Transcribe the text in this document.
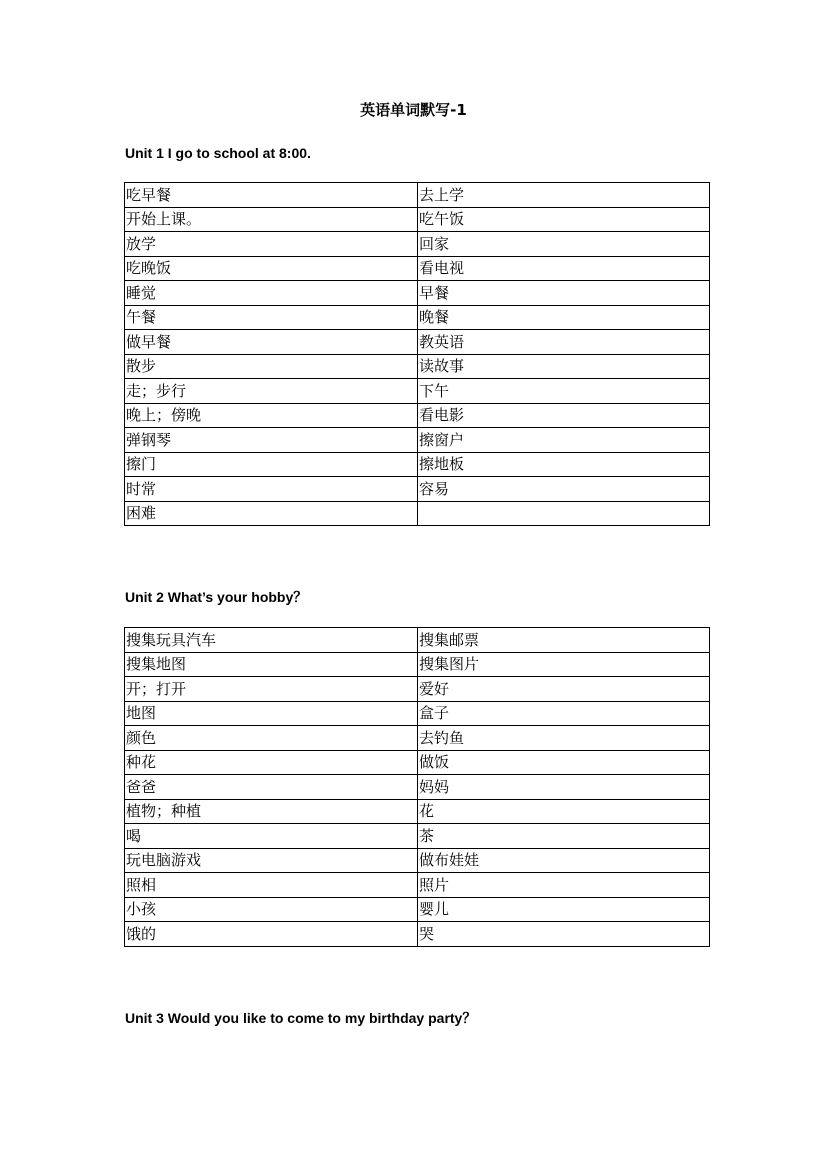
英语单词默写-1
Unit 1 I go to school at 8:00.
吃早餐	去上学
开始上课。	吃午饭
放学	回家
吃晚饭	看电视
睡觉	早餐
午餐	晚餐
做早餐	教英语
散步	读故事
走；步行	下午
晚上；傍晚	看电影
弹钢琴	擦窗户
擦门	擦地板
时常	容易
困难	
Unit 2 What’s your hobby？
搜集玩具汽车	搜集邮票
搜集地图	搜集图片
开；打开	爱好
地图	盒子
颜色	去钓鱼
种花	做饭
爸爸	妈妈
植物；种植	花
喝	茶
玩电脑游戏	做布娃娃
照相	照片
小孩	婴儿
饿的	哭
Unit 3 Would you like to come to my birthday party？
